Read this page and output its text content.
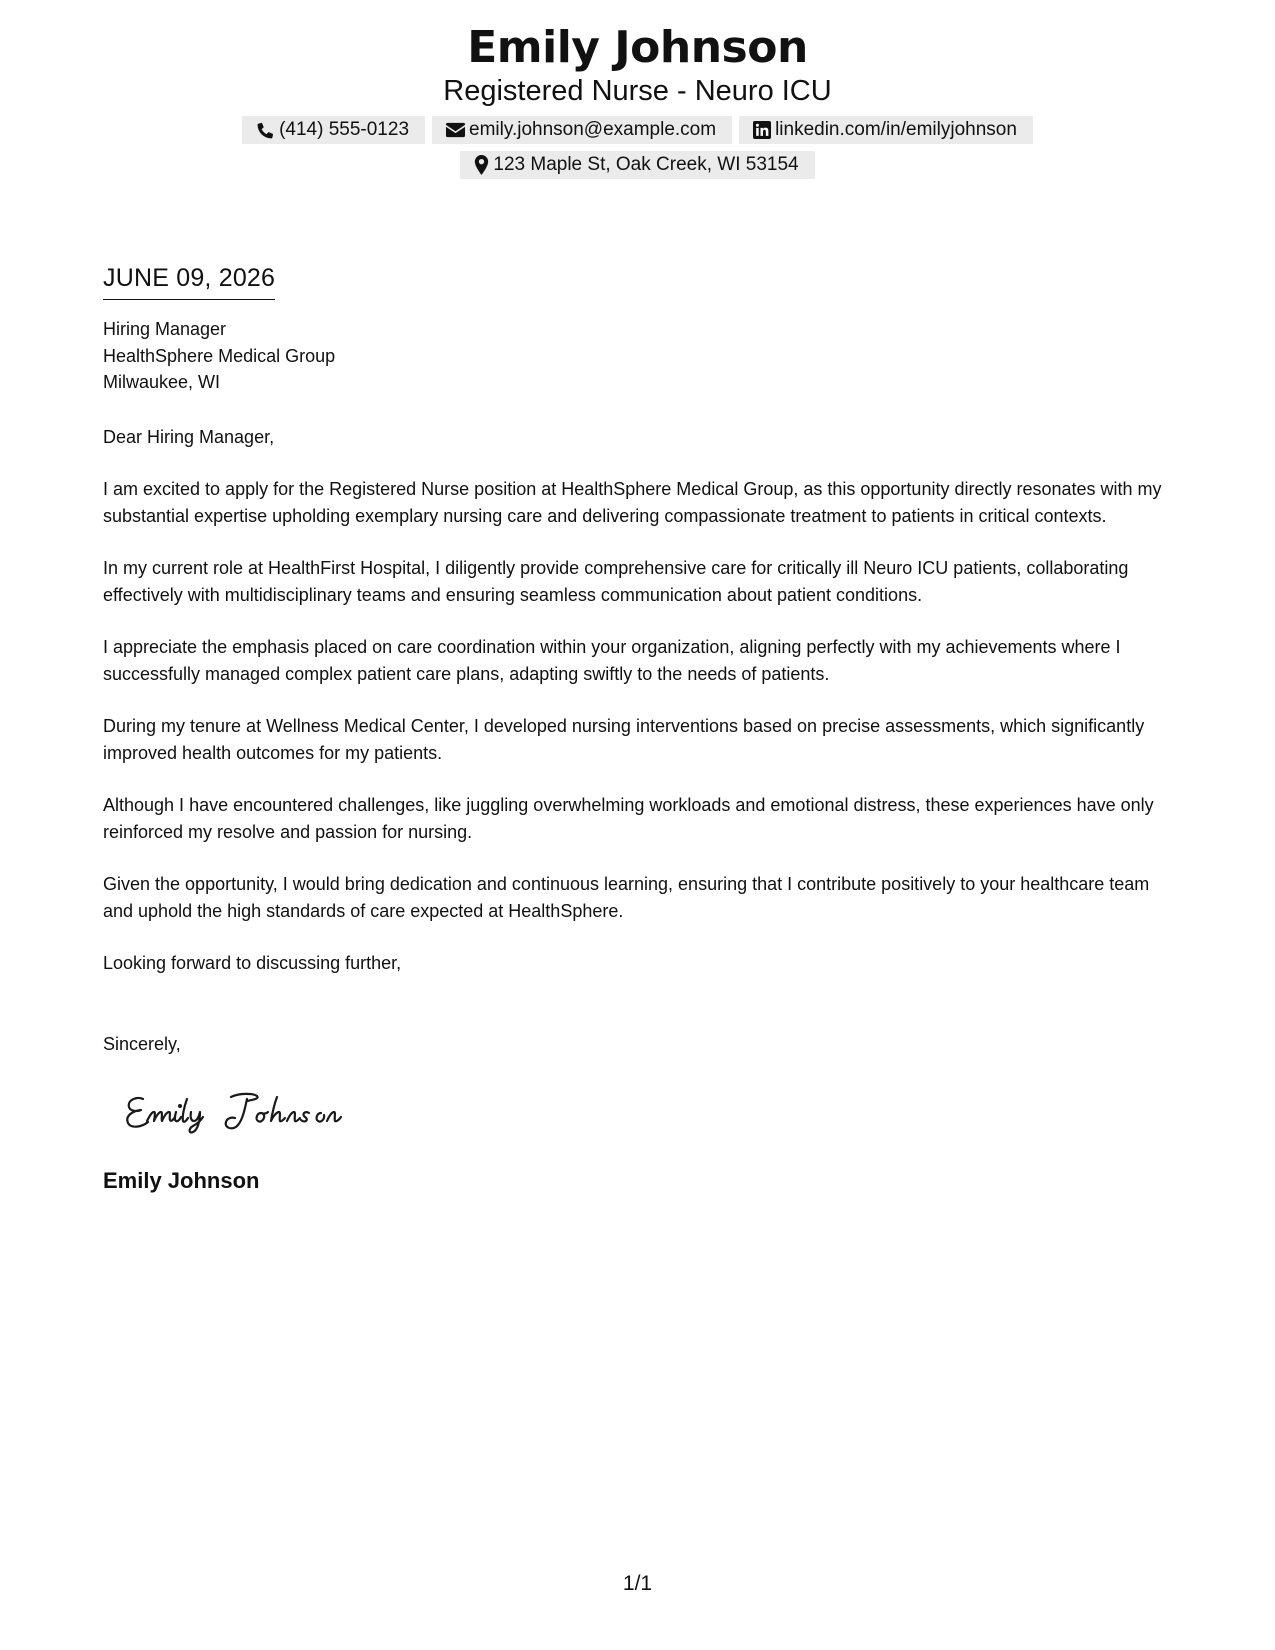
Emily Johnson
Registered Nurse - Neuro ICU
(414) 555-0123	emily.johnson@example.com	linkedin.com/in/emilyjohnson
123 Maple St, Oak Creek, WI 53154
JUNE 09, 2026
Hiring Manager
HealthSphere Medical Group
Milwaukee, WI
Dear Hiring Manager,
I am excited to apply for the Registered Nurse position at HealthSphere Medical Group, as this opportunity directly resonates with my substantial expertise upholding exemplary nursing care and delivering compassionate treatment to patients in critical contexts.
In my current role at HealthFirst Hospital, I diligently provide comprehensive care for critically ill Neuro ICU patients, collaborating effectively with multidisciplinary teams and ensuring seamless communication about patient conditions.
I appreciate the emphasis placed on care coordination within your organization, aligning perfectly with my achievements where I successfully managed complex patient care plans, adapting swiftly to the needs of patients.
During my tenure at Wellness Medical Center, I developed nursing interventions based on precise assessments, which significantly improved health outcomes for my patients.
Although I have encountered challenges, like juggling overwhelming workloads and emotional distress, these experiences have only reinforced my resolve and passion for nursing.
Given the opportunity, I would bring dedication and continuous learning, ensuring that I contribute positively to your healthcare team and uphold the high standards of care expected at HealthSphere.
Looking forward to discussing further,
Sincerely,
Emily Johnson
1/1
